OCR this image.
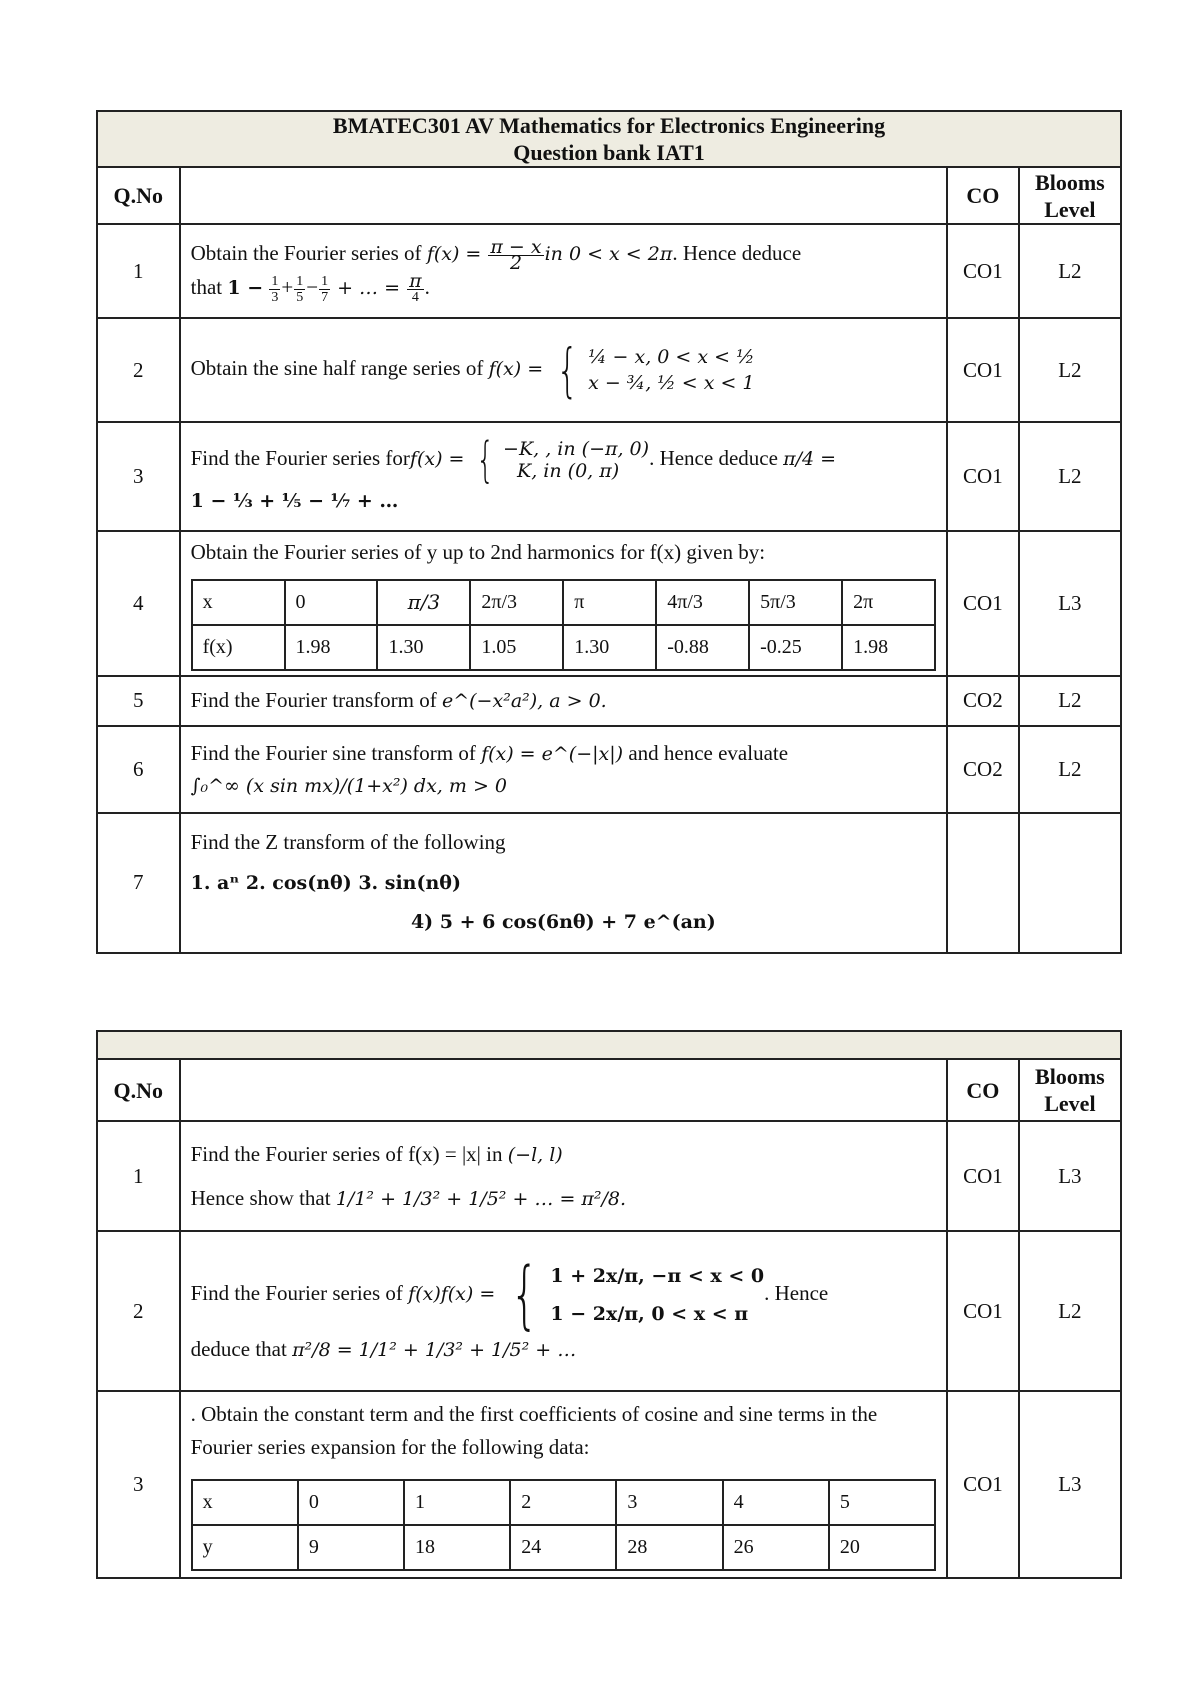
BMATEC301 AV Mathematics for Electronics Engineering
Question bank IAT1

Q.No		CO	Blooms Level
1	Obtain the Fourier series of $f(x) = \frac{\pi - x}{2}$ in 0 < x < 2π. Hence deduce
that $1 - \frac{1}{3} + \frac{1}{5} - \frac{1}{7}$ + … = π
4 .	CO1	L2
2	Obtain the sine half range series of f(x) = { ¼ − x, 0 < x < ½
x − ¾, ½ < x < 1
	CO1	L2
3	Find the Fourier series forf(x) = { −K, , in (−π, 0)
K, in (0, π)
. Hence deduce π/4 =
1 − ⅓ + ⅕ − ⅐ + …	CO1	L2
4	Obtain the Fourier series of y up to 2nd harmonics for f(x) given by:
x	0	π/3	2π/3	π	4π/3	5π/3	2π
f(x)	1.98	1.30	1.05	1.30	-0.88	-0.25	1.98
	CO1	L3
5	Find the Fourier transform of e^(−x²a²), a > 0.	CO2	L2
6	Find the Fourier sine transform of f(x) = e^(−|x|) and hence evaluate
∫₀^∞ (x sin mx)/(1+x²) dx, m > 0	CO2	L2
7	Find the Z transform of the following
1. aⁿ 2. cos(nθ) 3. sin(nθ)

4) 5 + 6 cos(6nθ) + 7 e^(an)

Q.No		CO	Blooms Level
1	Find the Fourier series of f(x) = |x| in (−l, l)
Hence show that 1/1² + 1/3² + 1/5² + … = π²/8.	CO1	L3
2	Find the Fourier series of f(x)f(x) = { 1 + 2x/π, −π < x < 0
1 − 2x/π, 0 < x < π
. Hence
deduce that π²/8 = 1/1² + 1/3² + 1/5² + …	CO1	L2
3	. Obtain the constant term and the first coefficients of cosine and sine terms in the Fourier series expansion for the following data:
x	0	1	2	3	4	5
y	9	18	24	28	26	20
	CO1	L3
